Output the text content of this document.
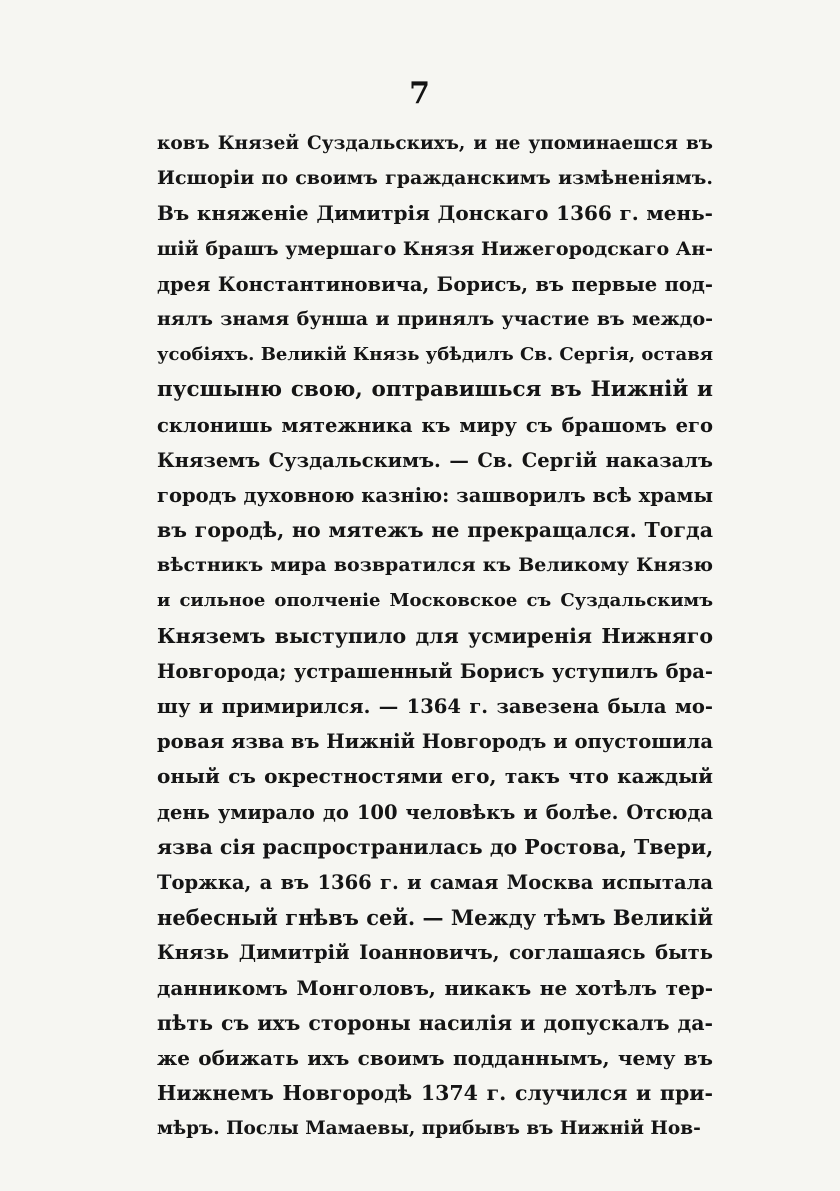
7
ковъ Князей Суздальскихъ, и не упоминаешся въ
Исшоріи по своимъ гражданскимъ измѣненіямъ.
Въ княженіе Димитрія Донскаго 1366 г. мень-
шій брашъ умершаго Князя Нижегородскаго Ан-
дрея Константиновича, Борисъ, въ первые под-
нялъ знамя бунша и принялъ участие въ междо-
усобіяхъ. Великій Князь убѣдилъ Св. Сергія, оставя
пусшыню свою, оптравишься въ Нижній и
склонишь мятежника къ миру съ брашомъ его
Княземъ Суздальскимъ. — Св. Сергій наказалъ
городъ духовною казнію: зашворилъ всѣ храмы
въ городѣ, но мятежъ не прекращался. Тогда
вѣстникъ мира возвратился къ Великому Князю
и сильное ополченіе Московское съ Суздальскимъ
Княземъ выступило для усмиренія Нижняго
Новгорода; устрашенный Борисъ уступилъ бра-
шу и примирился. — 1364 г. завезена была мо-
ровая язва въ Нижній Новгородъ и опустошила
оный съ окрестностями его, такъ что каждый
день умирало до 100 человѣкъ и болѣе. Отсюда
язва сія распространилась до Ростова, Твери,
Торжка, а въ 1366 г. и самая Москва испытала
небесный гнѣвъ сей. — Между тѣмъ Великій
Князь Димитрій Іоанновичъ, соглашаясь быть
данникомъ Монголовъ, никакъ не хотѣлъ тер-
пѣть съ ихъ стороны насилія и допускалъ да-
же обижать ихъ своимъ подданнымъ, чему въ
Нижнемъ Новгородѣ 1374 г. случился и при-
мѣръ. Послы Мамаевы, прибывъ въ Нижній Нов-
